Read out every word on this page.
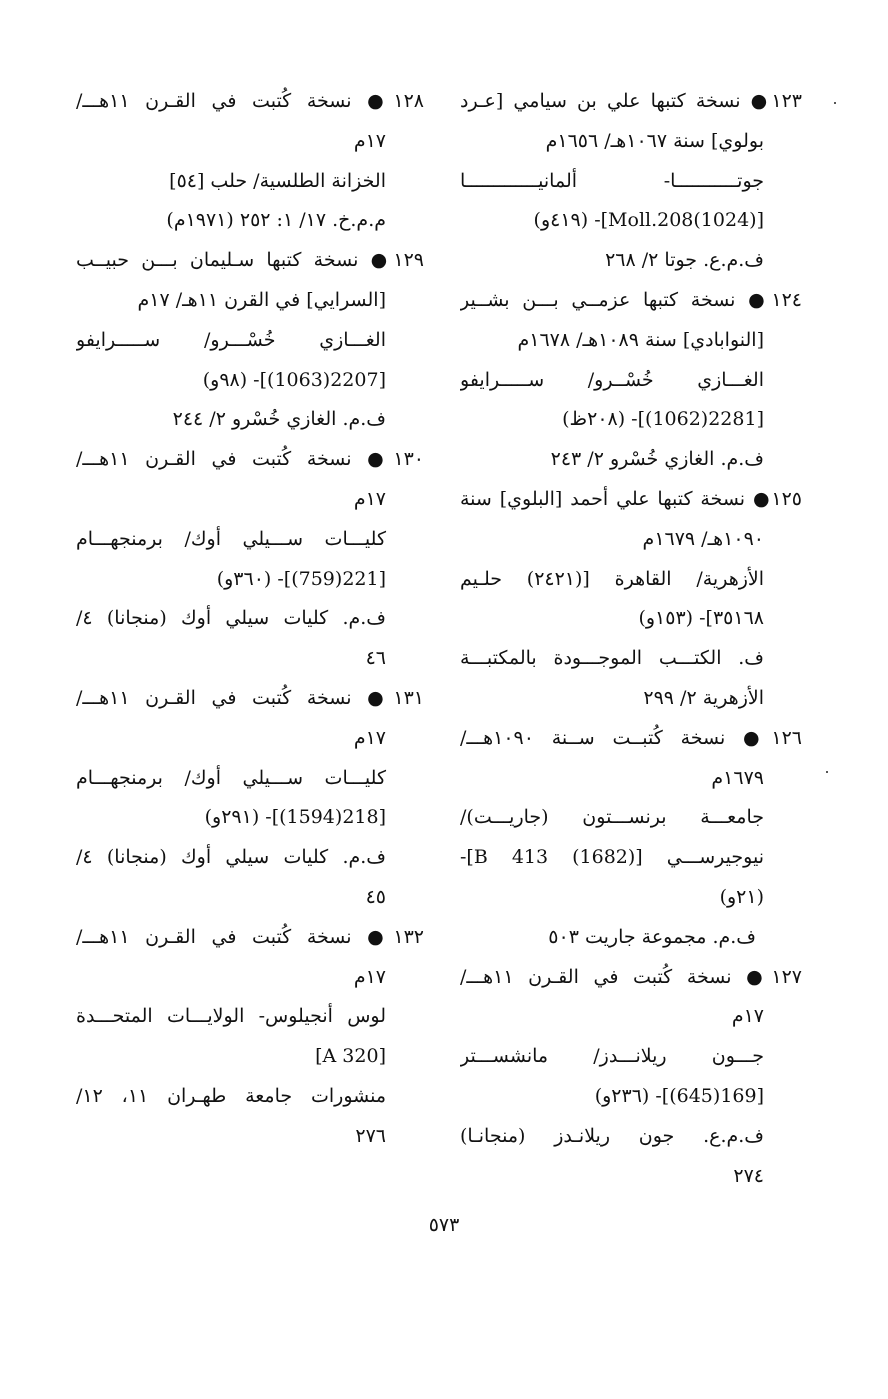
١٢٣● نسخة كتبها علي بن سيامي [عـرد
بولوي] سنة ١٠٦٧هـ/ ١٦٥٦م
جوتـــــــــــا- ألمانيـــــــــــــا
[Moll.208(1024)]- (٤١٩و)
ف.م.ع. جوتا ٢/ ٢٦٨
١٢٤● نسخة كتبها عزمــي بـــن بشــير
[النوابادي] سنة ١٠٨٩هـ/ ١٦٧٨م
الغـــازي خُسْــرو/ ســـــرايفو
[2281(1062)]- (٢٠٨ظ)
ف.م. الغازي خُسْرو ٢/ ٢٤٣
١٢٥● نسخة كتبها علي أحمد [البلوي] سنة
١٠٩٠هـ/ ١٦٧٩م
الأزهرية/ القاهرة [(٢٤٢١) حلـيم
٣٥١٦٨]- (١٥٣و)
ف. الكتـــب الموجـــودة بالمكتبـــة
الأزهرية ٢/ ٢٩٩
١٢٦● نسخة كُتبــت ســنة ١٠٩٠هـــ/
١٦٧٩م
جامعـــة برنســـتون (جاريـــت)/
نيوجيرســـي [B 413 (1682)]-
(٢١و)
ف.م. مجموعة جاريت ٥٠٣
١٢٧● نسخة كُتبت في القـرن ١١هـــ/
١٧م
جـــون ريلانـــدز/ مانشســـتر
[169(645)]- (٢٣٦و)
ف.م.ع. جون ريلانـدز (منجانـا)
٢٧٤
١٢٨● نسخة كُتبت في القـرن ١١هـــ/
١٧م
الخزانة الطلسية/ حلب [٥٤]
م.م.خ. ١٧/ ١: ٢٥٢ (١٩٧١م)
١٢٩● نسخة كتبها سـليمان بـــن حبيــب
[السرايي] في القرن ١١هـ/ ١٧م
الغـــازي خُسْـــرو/ ســـــرايفو
[2207(1063)]- (٩٨و)
ف.م. الغازي خُسْرو ٢/ ٢٤٤
١٣٠● نسخة كُتبت في القـرن ١١هـــ/
١٧م
كليـــات ســـيلي أوك/ برمنجهـــام
[221(759)]- (٣٦٠و)
ف.م. كليات سيلي أوك (منجانا) ٤/
٤٦
١٣١● نسخة كُتبت في القـرن ١١هـــ/
١٧م
كليـــات ســـيلي أوك/ برمنجهـــام
[218(1594)]- (٢٩١و)
ف.م. كليات سيلي أوك (منجانا) ٤/
٤٥
١٣٢● نسخة كُتبت في القـرن ١١هـــ/
١٧م
لوس أنجيلوس- الولايـــات المتحـــدة
[A 320]
منشورات جامعة طهـران ١١، ١٢/
٢٧٦
٥٧٣
